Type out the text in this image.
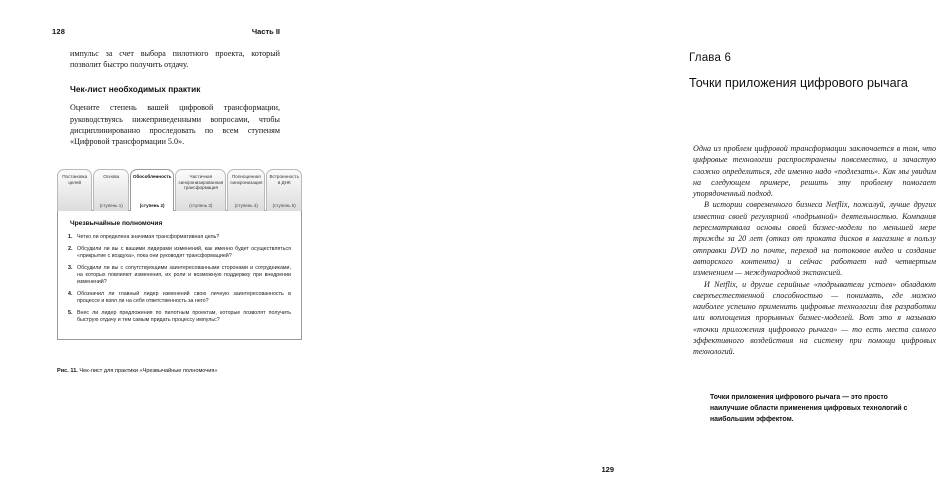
128	Часть II

импульс за счет выбора пилотного проекта, который позволит быстро получить отдачу.

Чек-лист необходимых практик

Оцените степень вашей цифровой трансформации, руководствуясь нижеприведенными вопросами, чтобы дисциплинированно проследовать по всем ступеням «Цифровой трансформации 5.0».

Постановка целей
Основа
(ступень 1)
Обособленность
(ступень 2)
Частичная синхронизированная трансформация
(ступень 3)
Полноценная синхронизация
(ступень 4)
Встроенность в ДНК
(ступень 5)
Чрезвычайные полномочия
1. Четко ли определена значимая трансформативная цель?
2. Обсудили ли вы с вашими лидерами изменений, как именно будет осуществляться «прикрытие с воздуха», пока они руководят трансформацией?
3. Обсудили ли вы с сопутствующими заинтересованными сторонами и сотрудниками, на которых повлияют изменения, их роли и возможную поддержку при внедрении изменений?
4. Обозначил ли главный лидер изменений свою личную заинтересованность в процессе и взял ли на себя ответственность за него?
5. Внес ли лидер предложения по пилотным проектам, которые позволят получить быструю отдачу и тем самым придать процессу импульс?
Рис. 11. Чек-лист для практики «Чрезвычайные полномочия»

Глава 6

Точки приложения цифрового рычага

Одна из проблем цифровой трансформации заключается в том, что цифровые технологии распространены повсеместно, и зачастую сложно определиться, где именно надо «подлезать». Как мы увидим на следующем примере, решить эту проблему помогает упорядоченный подход.

В истории современного бизнеса Netflix, пожалуй, лучше других известна своей регулярной «подрывной» деятельностью. Компания пересматривала основы своей бизнес-модели по меньшей мере трижды за 20 лет (отказ от проката дисков в магазине в пользу отправки DVD по почте, переход на потоковое видео и создание авторского контента) и сейчас работает над четвертым изменением — международной экспансией.

И Netflix, и другие серийные «подрыватели устоев» обладают сверхъестественной способностью — понимать, где можно наиболее успешно применить цифровые технологии для разработки или воплощения прорывных бизнес-моделей. Вот это я называю «точки приложения цифрового рычага» — то есть места самого эффективного воздействия на систему при помощи цифровых технологий.

Точки приложения цифрового рычага — это просто наилучшие области применения цифровых технологий с наибольшим эффектом.

129
